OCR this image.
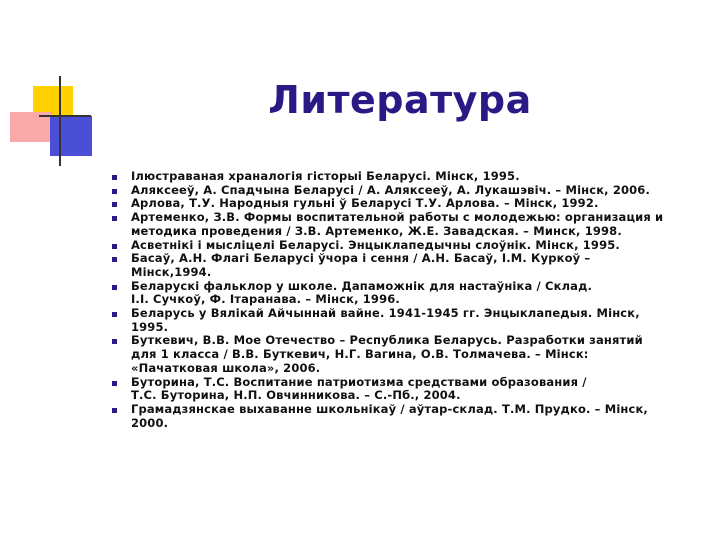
Литература
Ілюстраваная храналогія гісторыі Беларусі. Мінск, 1995.
Аляксееў, А. Спадчына Беларусі / А. Аляксееў, А. Лукашэвіч. – Мінск, 2006.
Арлова, Т.У. Народныя гульні ў Беларусі Т.У. Арлова. – Мінск, 1992.
Артеменко, З.В. Формы воспитательной работы с молодежью: организация и
методика проведения / З.В. Артеменко, Ж.Е. Завадская. – Минск, 1998.
Асветнікі і мысліцелі Беларусі. Энцыклапедычны слоўнік. Мінск, 1995.
Басаў, А.Н. Флагі Беларусі ўчора і сення / А.Н. Басаў, І.М. Куркоў –
Мінск,1994.
Беларускі фальклор у школе. Дапаможнік для настаўніка / Склад.
І.І. Сучкоў, Ф. Ітаранава. – Мінск, 1996.
Беларусь у Вялікай Айчыннай вайне. 1941-1945 гг. Энцыклапедыя. Мінск,
1995.
Буткевич, В.В. Мое Отечество – Республика Беларусь. Разработки занятий
для 1 класса / В.В. Буткевич, Н.Г. Вагина, О.В. Толмачева. – Мінск:
«Пачатковая школа», 2006.
Буторина, Т.С. Воспитание патриотизма средствами образования /
Т.С. Буторина, Н.П. Овчинникова. – С.-Пб., 2004.
Грамадзянскае выхаванне школьнікаў / аўтар-склад. Т.М. Прудко. – Мінск,
2000.
